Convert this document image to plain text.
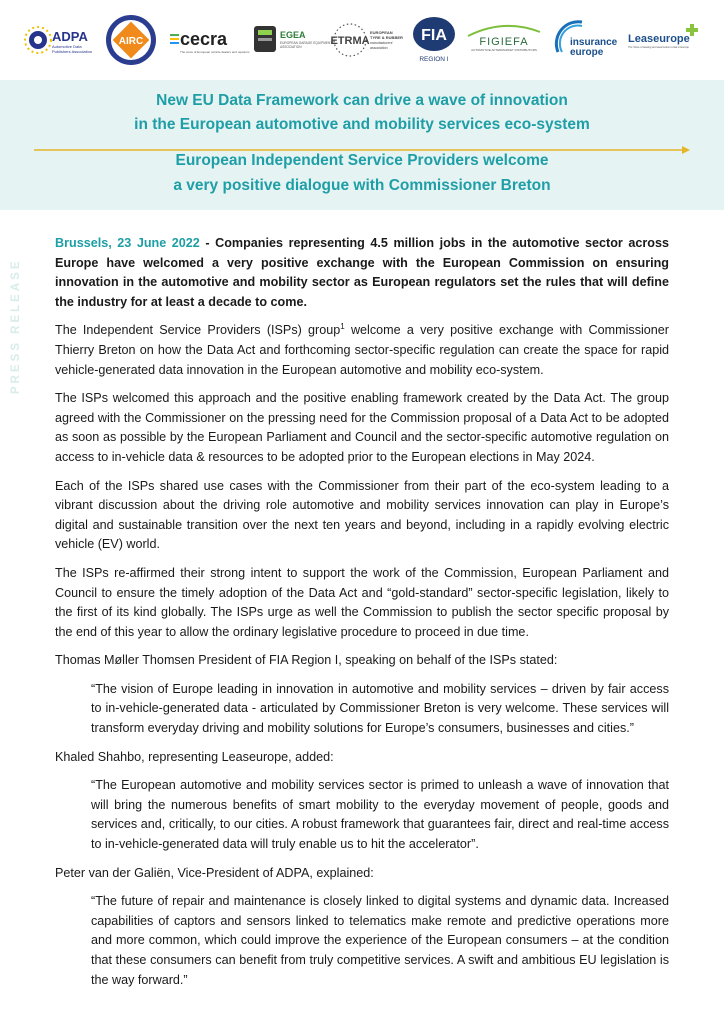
ADPA
Automotive Data
Publishers Association
AIRC cecra
The voice of European vehicle dealers and repairers
EGEA
EUROPEAN GARAGE EQUIPMENT
ASSOCIATION	ETRMA
EUROPEAN
TYRE & RUBBER
manufacturers'
association
FIA
REGION I
FIGIEFA
AUTOMOTIVE AFTERMARKET DISTRIBUTORS
insurance
europe
Leaseurope
The Voice of leasing and automotive rental in Europe
New EU Data Framework can drive a wave of innovation
in the European automotive and mobility services eco-system
European Independent Service Providers welcome
a very positive dialogue with Commissioner Breton
PRESS RELEASE

Brussels, 23 June 2022 - Companies representing 4.5 million jobs in the automotive sector across Europe have welcomed a very positive exchange with the European Commission on ensuring innovation in the automotive and mobility sector as European regulators set the rules that will define the industry for at least a decade to come.

The Independent Service Providers (ISPs) group$^1$ welcome a very positive exchange with Commissioner Thierry Breton on how the Data Act and forthcoming sector-specific regulation can create the space for rapid vehicle-generated data innovation in the European automotive and mobility eco-system.

The ISPs welcomed this approach and the positive enabling framework created by the Data Act. The group agreed with the Commissioner on the pressing need for the Commission proposal of a Data Act to be adopted as soon as possible by the European Parliament and Council and the sector-specific automotive regulation on access to in-vehicle data & resources to be adopted prior to the European elections in May 2024.

Each of the ISPs shared use cases with the Commissioner from their part of the eco-system leading to a vibrant discussion about the driving role automotive and mobility services innovation can play in Europe’s digital and sustainable transition over the next ten years and beyond, including in a rapidly evolving electric vehicle (EV) world.

The ISPs re-affirmed their strong intent to support the work of the Commission, European Parliament and Council to ensure the timely adoption of the Data Act and “gold-standard” sector-specific legislation, likely to the first of its kind globally. The ISPs urge as well the Commission to publish the sector specific proposal by the end of this year to allow the ordinary legislative procedure to proceed in due time.

Thomas Møller Thomsen President of FIA Region I, speaking on behalf of the ISPs stated:

“The vision of Europe leading in innovation in automotive and mobility services – driven by fair access to in-vehicle-generated data - articulated by Commissioner Breton is very welcome. These services will transform everyday driving and mobility solutions for Europe’s consumers, businesses and cities.”

Khaled Shahbo, representing Leaseurope, added:

“The European automotive and mobility services sector is primed to unleash a wave of innovation that will bring the numerous benefits of smart mobility to the everyday movement of people, goods and services and, critically, to our cities. A robust framework that guarantees fair, direct and real-time access to in-vehicle-generated data will truly enable us to hit the accelerator”.

Peter van der Galiën, Vice-President of ADPA, explained:

“The future of repair and maintenance is closely linked to digital systems and dynamic data. Increased capabilities of captors and sensors linked to telematics make remote and predictive operations more and more common, which could improve the experience of the European consumers – at the condition that these consumers can benefit from truly competitive services. A swift and ambitious EU legislation is the way forward.”
